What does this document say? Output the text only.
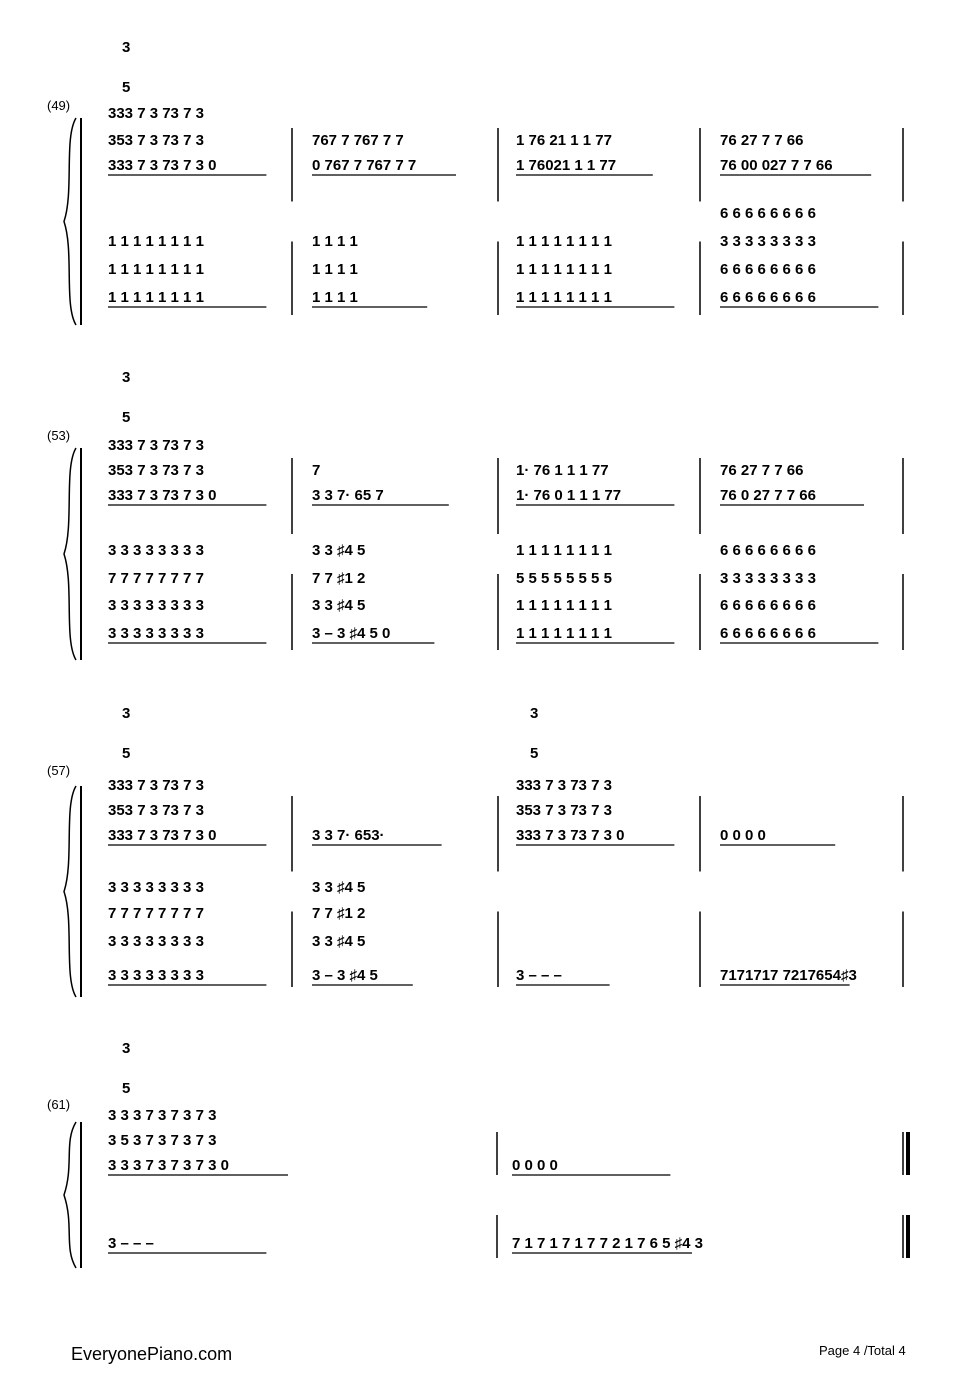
3
5
333 7 3 73 7 3
353 7 3 73 7 3
333 7 3 73 7 3 0
767 7 767 7 7
0 767 7 767 7 7
1 76 21 1 1 77
1 76021 1 1 77
76 27 7 7 66
76 00 027 7 7 66
1 1 1 1 1 1 1 1
1 1 1 1 1 1 1 1
1 1 1 1 1 1 1 1
1 1 1 1
1 1 1 1
1 1 1 1
1 1 1 1 1 1 1 1
1 1 1 1 1 1 1 1
1 1 1 1 1 1 1 1
6 6 6 6 6 6 6 6
3 3 3 3 3 3 3 3
6 6 6 6 6 6 6 6
6 6 6 6 6 6 6 6
3
5
333 7 3 73 7 3
353 7 3 73 7 3
333 7 3 73 7 3 0
7
3 3 7· 65 7
1· 76 1 1 1 77
1· 76 0 1 1 1 77
76 27 7 7 66
76 0 27 7 7 66
3 3 3 3 3 3 3 3
7 7 7 7 7 7 7 7
3 3 3 3 3 3 3 3
3 3 3 3 3 3 3 3
3 3 ♯4 5
7 7 ♯1 2
3 3 ♯4 5
3 – 3 ♯4 5 0
1 1 1 1 1 1 1 1
5 5 5 5 5 5 5 5
1 1 1 1 1 1 1 1
1 1 1 1 1 1 1 1
6 6 6 6 6 6 6 6
3 3 3 3 3 3 3 3
6 6 6 6 6 6 6 6
6 6 6 6 6 6 6 6
3
5
333 7 3 73 7 3
353 7 3 73 7 3
333 7 3 73 7 3 0	3 3 7· 653·
3
5
333 7 3 73 7 3
353 7 3 73 7 3
333 7 3 73 7 3 0	0 0 0 0
3 3 3 3 3 3 3 3
7 7 7 7 7 7 7 7
3 3 3 3 3 3 3 3
3 3 3 3 3 3 3 3
3 3 ♯4 5
7 7 ♯1 2
3 3 ♯4 5
3 – 3 ♯4 5	3 – – –	7171717 7217654♯3
3
5
3 3 3 7 3 7 3 7 3
3 5 3 7 3 7 3 7 3
3 3 3 7 3 7 3 7 3 0	0 0 0 0
3 – – –	7 1 7 1 7 1 7 7 2 1 7 6 5 ♯4 3
(49)
(53)
(57)
(61)
EveryonePiano.com	Page 4 /Total 4
